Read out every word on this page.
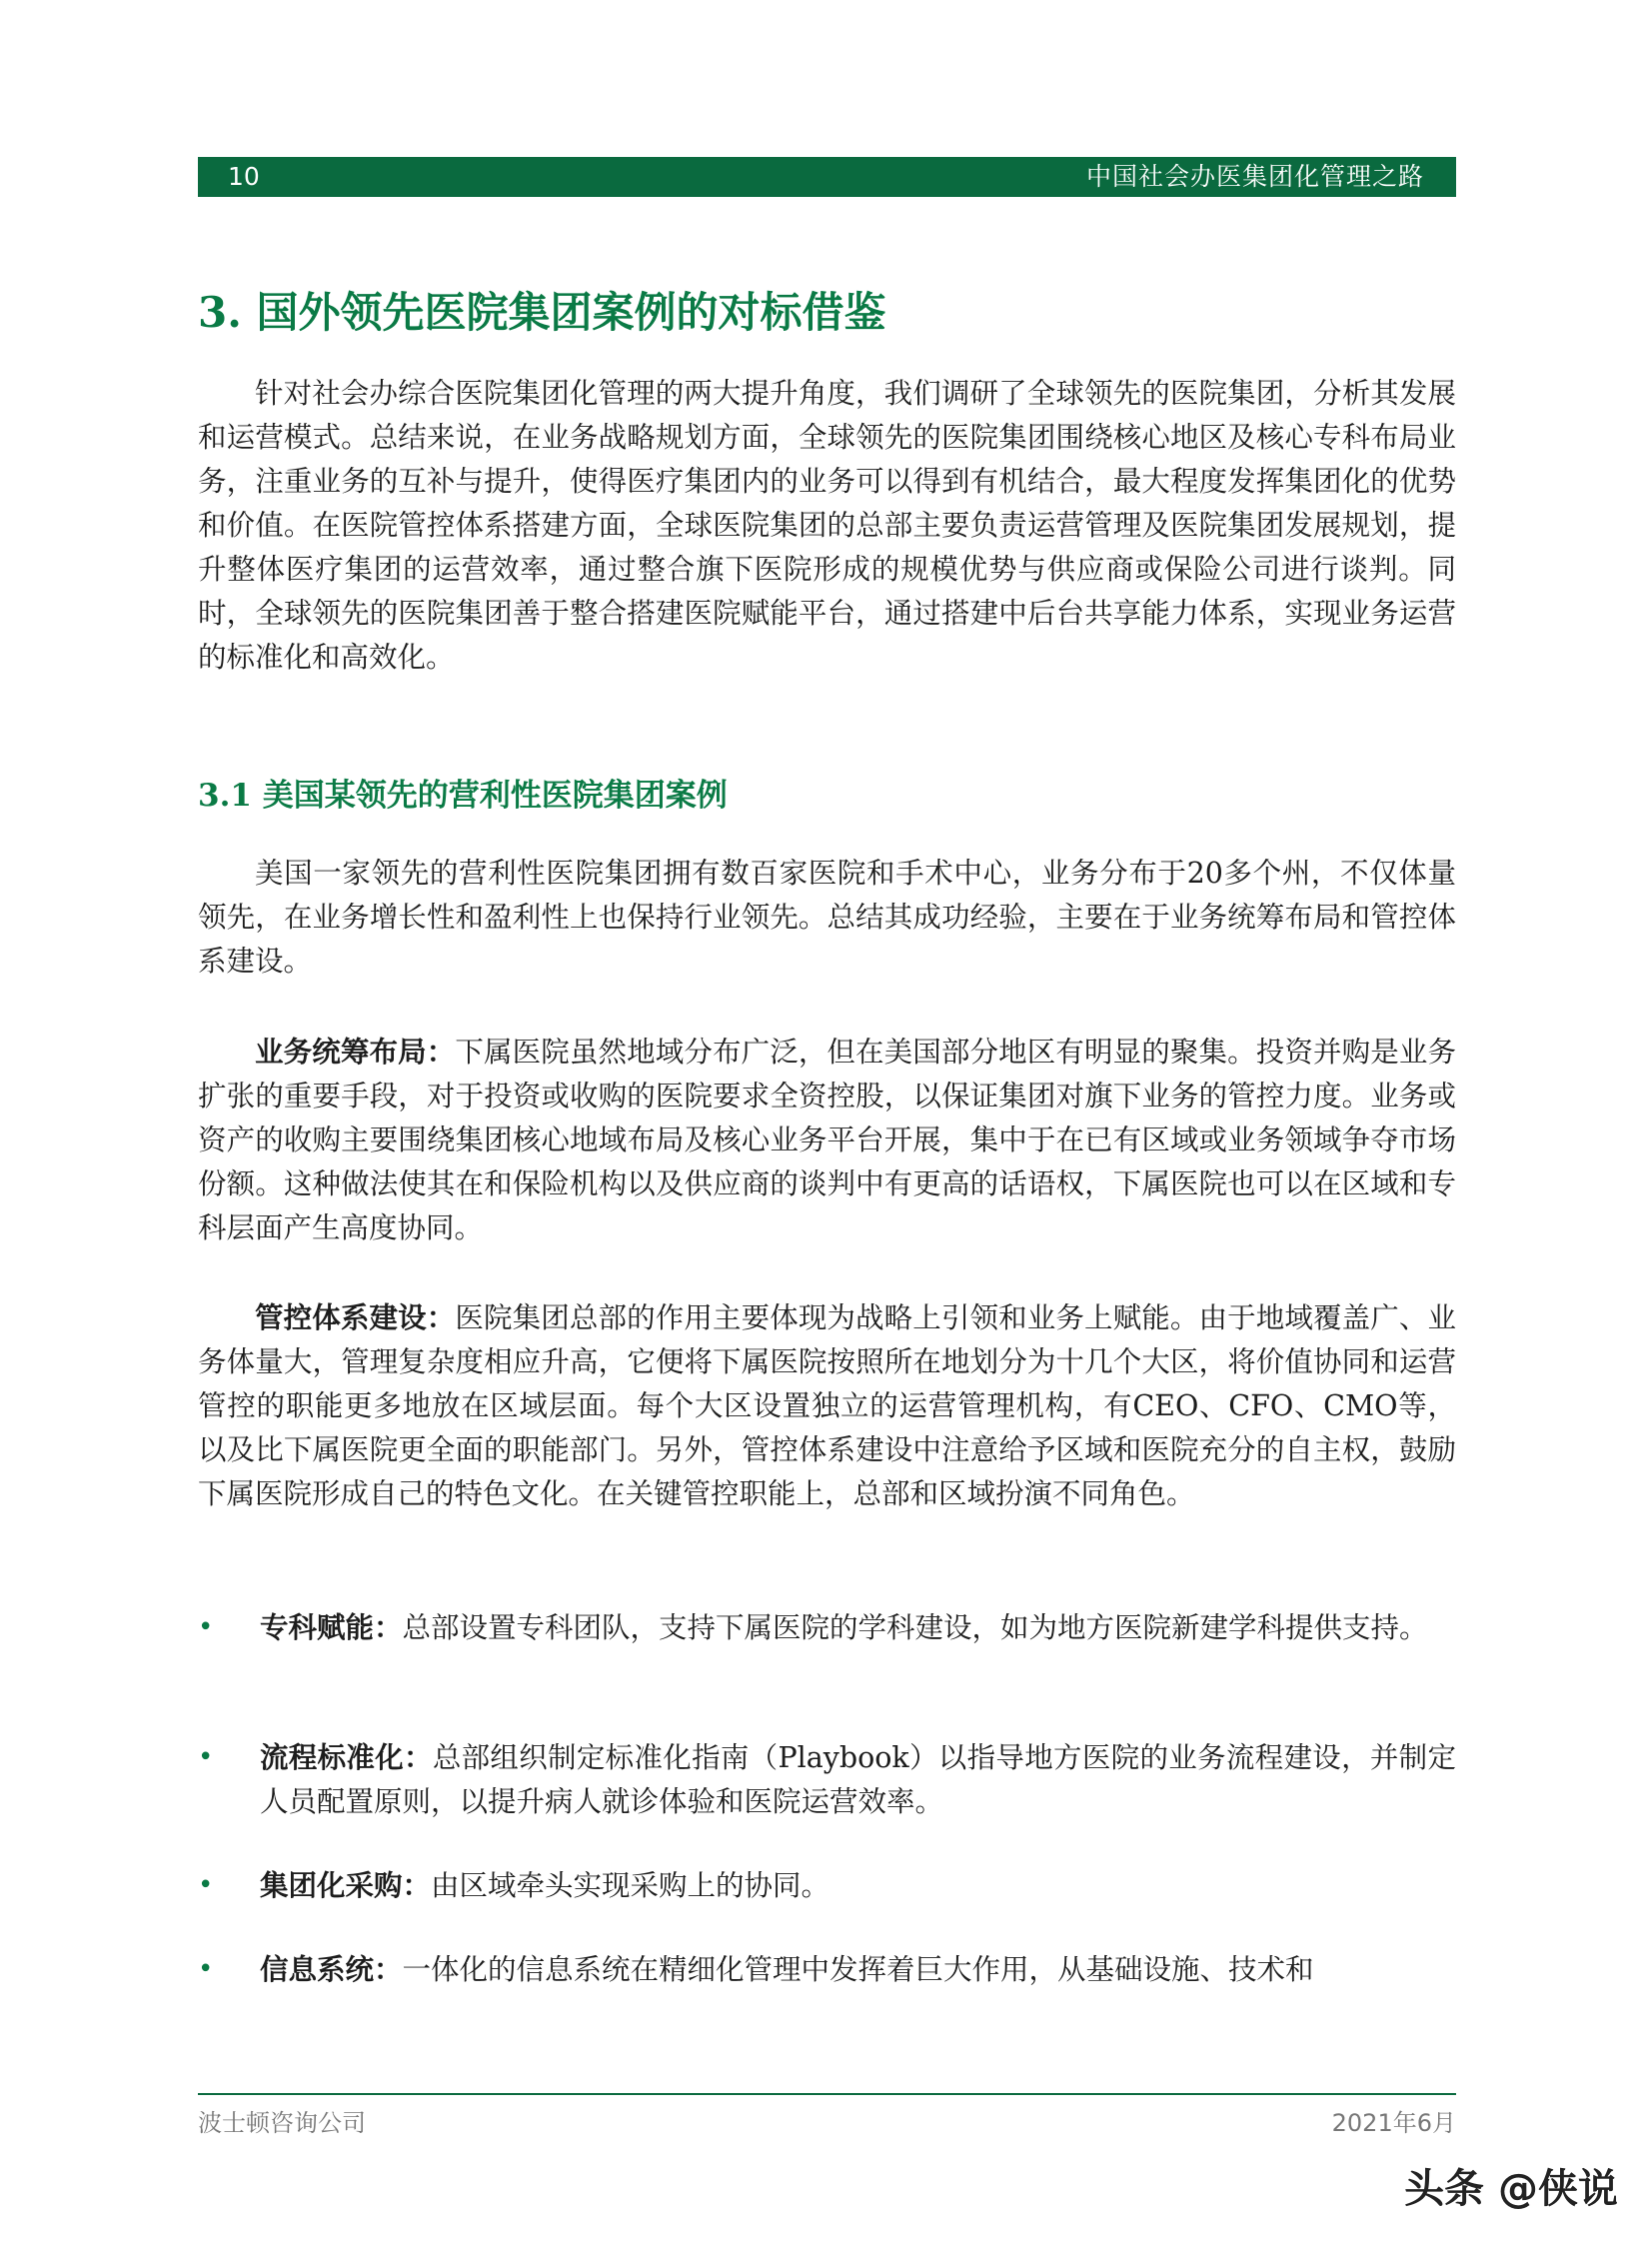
10	中国社会办医集团化管理之路
3. 国外领先医院集团案例的对标借鉴

针对社会办综合医院集团化管理的两大提升角度，我们调研了全球领先的医院集团，分析其发展和运营模式。总结来说，在业务战略规划方面，全球领先的医院集团围绕核心地区及核心专科布局业务，注重业务的互补与提升，使得医疗集团内的业务可以得到有机结合，最大程度发挥集团化的优势和价值。在医院管控体系搭建方面，全球医院集团的总部主要负责运营管理及医院集团发展规划，提升整体医疗集团的运营效率，通过整合旗下医院形成的规模优势与供应商或保险公司进行谈判。同时，全球领先的医院集团善于整合搭建医院赋能平台，通过搭建中后台共享能力体系，实现业务运营的标准化和高效化。

3.1 美国某领先的营利性医院集团案例

美国一家领先的营利性医院集团拥有数百家医院和手术中心，业务分布于20多个州，不仅体量领先，在业务增长性和盈利性上也保持行业领先。总结其成功经验，主要在于业务统筹布局和管控体系建设。

业务统筹布局：下属医院虽然地域分布广泛，但在美国部分地区有明显的聚集。投资并购是业务扩张的重要手段，对于投资或收购的医院要求全资控股，以保证集团对旗下业务的管控力度。业务或资产的收购主要围绕集团核心地域布局及核心业务平台开展，集中于在已有区域或业务领域争夺市场份额。这种做法使其在和保险机构以及供应商的谈判中有更高的话语权，下属医院也可以在区域和专科层面产生高度协同。

管控体系建设：医院集团总部的作用主要体现为战略上引领和业务上赋能。由于地域覆盖广、业务体量大，管理复杂度相应升高，它便将下属医院按照所在地划分为十几个大区，将价值协同和运营管控的职能更多地放在区域层面。每个大区设置独立的运营管理机构，有CEO、CFO、CMO等，以及比下属医院更全面的职能部门。另外，管控体系建设中注意给予区域和医院充分的自主权，鼓励下属医院形成自己的特色文化。在关键管控职能上，总部和区域扮演不同角色。

•	专科赋能：总部设置专科团队，支持下属医院的学科建设，如为地方医院新建学科提供支持。
•	流程标准化：总部组织制定标准化指南（Playbook）以指导地方医院的业务流程建设，并制定人员配置原则，以提升病人就诊体验和医院运营效率。
•	集团化采购：由区域牵头实现采购上的协同。
•	信息系统：一体化的信息系统在精细化管理中发挥着巨大作用，从基础设施、技术和
波士顿咨询公司	2021年6月
头条 @侠说
